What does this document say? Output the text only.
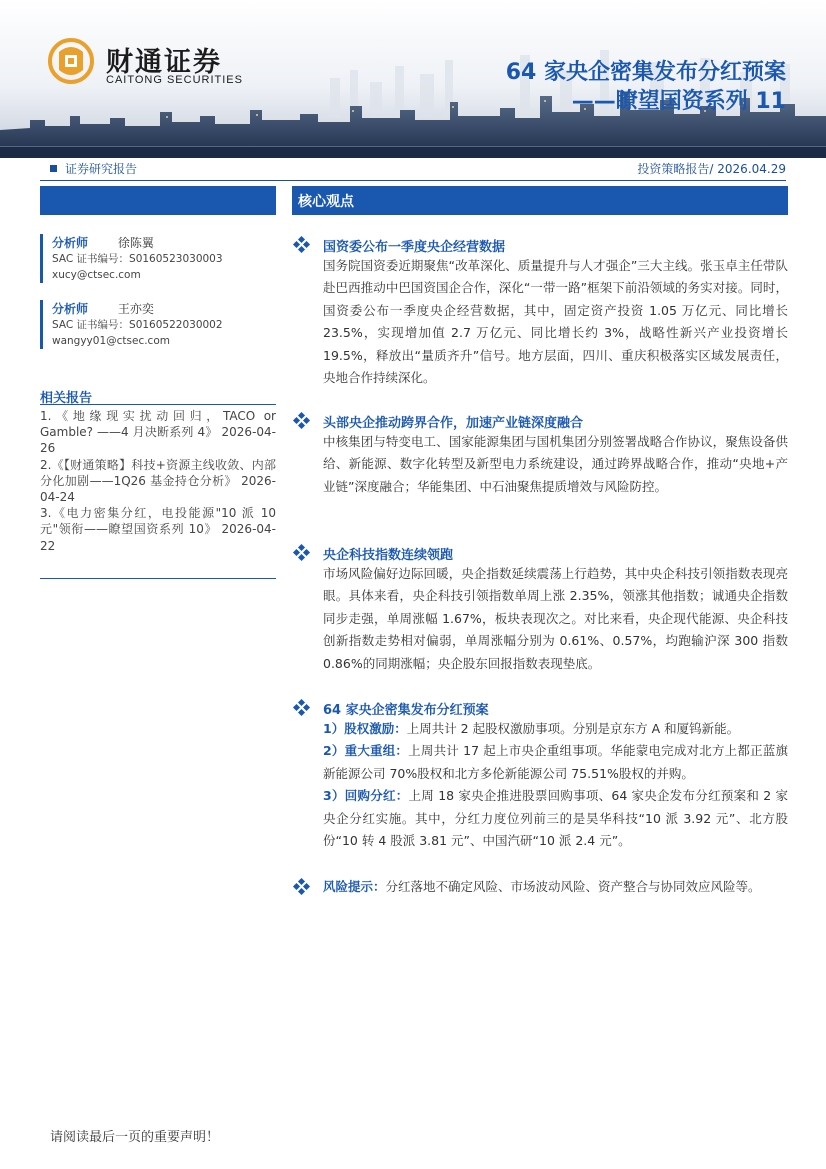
财通证券
CAITONG SECURITIES	64 家央企密集发布分红预案
——瞭望国资系列 11
证券研究报告	投资策略报告/ 2026.04.29
分析师 徐陈翼
SAC 证书编号：S0160523030003
xucy@ctsec.com
分析师 王亦奕
SAC 证书编号：S0160522030002
wangyy01@ctsec.com
相关报告
1.《地缘现实扰动回归，TACO or Gamble? ——4 月决断系列 4》 2026-04-26
2.《【财通策略】科技+资源主线收敛、内部分化加剧——1Q26 基金持仓分析》 2026-04-24
3.《电力密集分红，电投能源"10 派 10 元"领衔——瞭望国资系列 10》 2026-04-22
核心观点
国资委公布一季度央企经营数据
国务院国资委近期聚焦“改革深化、质量提升与人才强企”三大主线。张玉卓主任带队赴巴西推动中巴国资国企合作，深化“一带一路”框架下前沿领域的务实对接。同时，国资委公布一季度央企经营数据，其中，固定资产投资 1.05 万亿元、同比增长 23.5%，实现增加值 2.7 万亿元、同比增长约 3%，战略性新兴产业投资增长 19.5%，释放出“量质齐升”信号。地方层面，四川、重庆积极落实区域发展责任，央地合作持续深化。
头部央企推动跨界合作，加速产业链深度融合
中核集团与特变电工、国家能源集团与国机集团分别签署战略合作协议，聚焦设备供给、新能源、数字化转型及新型电力系统建设，通过跨界战略合作，推动“央地+产业链”深度融合；华能集团、中石油聚焦提质增效与风险防控。
央企科技指数连续领跑
市场风险偏好边际回暖，央企指数延续震荡上行趋势，其中央企科技引领指数表现亮眼。具体来看，央企科技引领指数单周上涨 2.35%，领涨其他指数；诚通央企指数同步走强，单周涨幅 1.67%，板块表现次之。对比来看，央企现代能源、央企科技创新指数走势相对偏弱，单周涨幅分别为 0.61%、0.57%，均跑输沪深 300 指数 0.86%的同期涨幅；央企股东回报指数表现垫底。
64 家央企密集发布分红预案
1）股权激励：上周共计 2 起股权激励事项。分别是京东方 A 和厦钨新能。
2）重大重组：上周共计 17 起上市央企重组事项。华能蒙电完成对北方上都正蓝旗新能源公司 70%股权和北方多伦新能源公司 75.51%股权的并购。
3）回购分红：上周 18 家央企推进股票回购事项、64 家央企发布分红预案和 2 家央企分红实施。其中，分红力度位列前三的是昊华科技“10 派 3.92 元”、北方股份“10 转 4 股派 3.81 元”、中国汽研“10 派 2.4 元”。
风险提示：分红落地不确定风险、市场波动风险、资产整合与协同效应风险等。
请阅读最后一页的重要声明！
